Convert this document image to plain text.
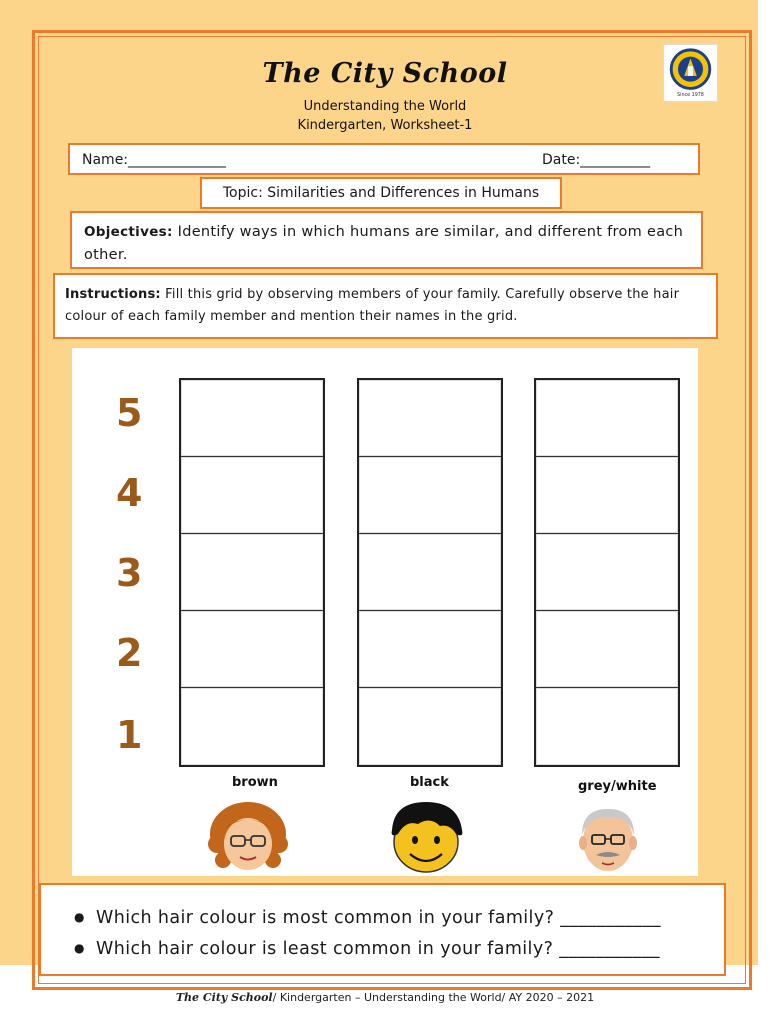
The City School
Understanding the World
Kindergarten, Worksheet-1
Since 1978
Name:______________	Date:__________
Topic: Similarities and Differences in Humans
Objectives: Identify ways in which humans are similar, and different from each other.
Instructions: Fill this grid by observing members of your family. Carefully observe the hair colour of each family member and mention their names in the grid.
5
4
3
2
1
brown	black	grey/white
● Which hair colour is most common in your family? ___________
● Which hair colour is least common in your family? ___________
The City School/ Kindergarten – Understanding the World/ AY 2020 – 2021
